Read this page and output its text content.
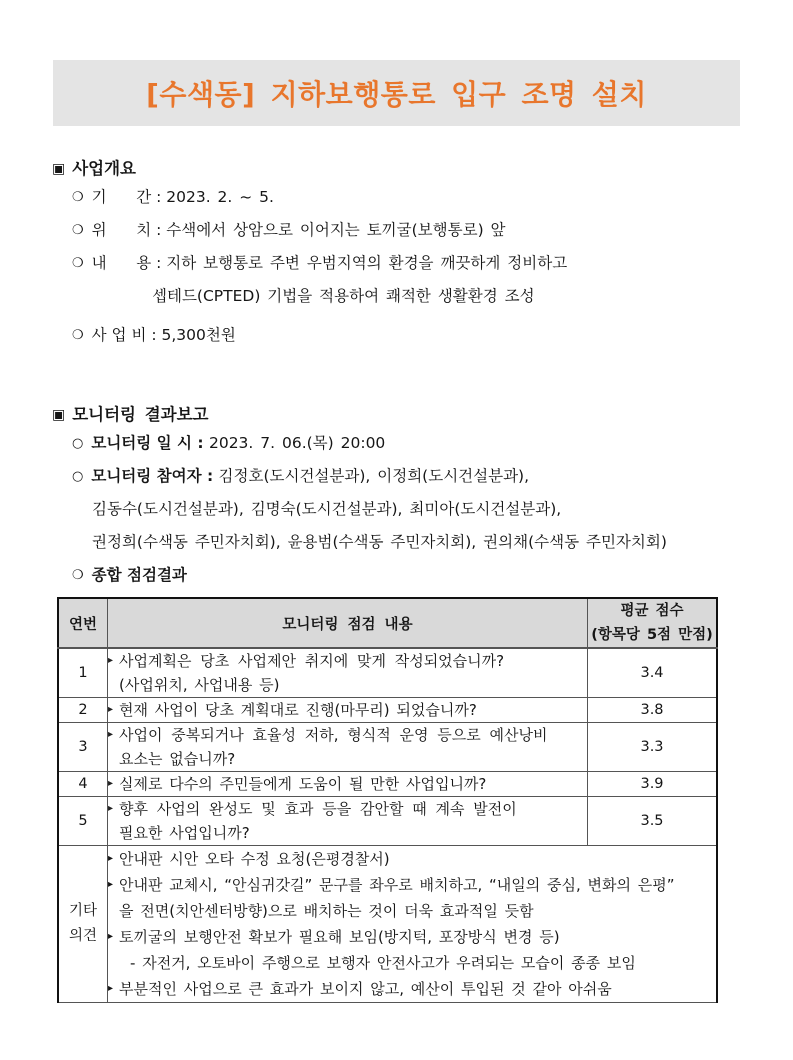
[수색동] 지하보행통로 입구 조명 설치
▣ 사업개요
❍ 기      간 : 2023. 2. ~ 5.
❍ 위      치 : 수색에서 상암으로 이어지는 토끼굴(보행통로) 앞
❍ 내      용 : 지하 보행통로 주변 우범지역의 환경을 깨끗하게 정비하고
셉테드(CPTED) 기법을 적용하여 쾌적한 생활환경 조성
❍ 사 업 비 : 5,300천원
▣ 모니터링 결과보고
○ 모니터링 일 시 : 2023. 7. 06.(목) 20:00
○ 모니터링 참여자 : 김정호(도시건설분과), 이정희(도시건설분과),
김동수(도시건설분과), 김명숙(도시건설분과), 최미아(도시건설분과),
권정희(수색동 주민자치회), 윤용범(수색동 주민자치회), 권의채(수색동 주민자치회)
❍ 종합 점검결과
연번	모니터링 점검 내용	평균 점수
(항목당 5점 만점)

1	▸ 사업계획은 당초 사업제안 취지에 맞게 작성되었습니까?
(사업위치, 사업내용 등)	3.4
2	▸ 현재 사업이 당초 계획대로 진행(마무리) 되었습니까?	3.8
3	▸ 사업이 중복되거나 효율성 저하, 형식적 운영 등으로 예산낭비
요소는 없습니까?	3.3
4	▸ 실제로 다수의 주민들에게 도움이 될 만한 사업입니까?	3.9
5	▸ 향후 사업의 완성도 및 효과 등을 감안할 때 계속 발전이
필요한 사업입니까?	3.5

기타
의견

▸ 안내판 시안 오타 수정 요청(은평경찰서)
▸ 안내판 교체시, “안심귀갓길” 문구를 좌우로 배치하고, “내일의 중심, 변화의 은평”
을 전면(치안센터방향)으로 배치하는 것이 더욱 효과적일 듯함
▸ 토끼굴의 보행안전 확보가 필요해 보임(방지턱, 포장방식 변경 등)
- 자전거, 오토바이 주행으로 보행자 안전사고가 우려되는 모습이 종종 보임
▸ 부분적인 사업으로 큰 효과가 보이지 않고, 예산이 투입된 것 같아 아쉬움
